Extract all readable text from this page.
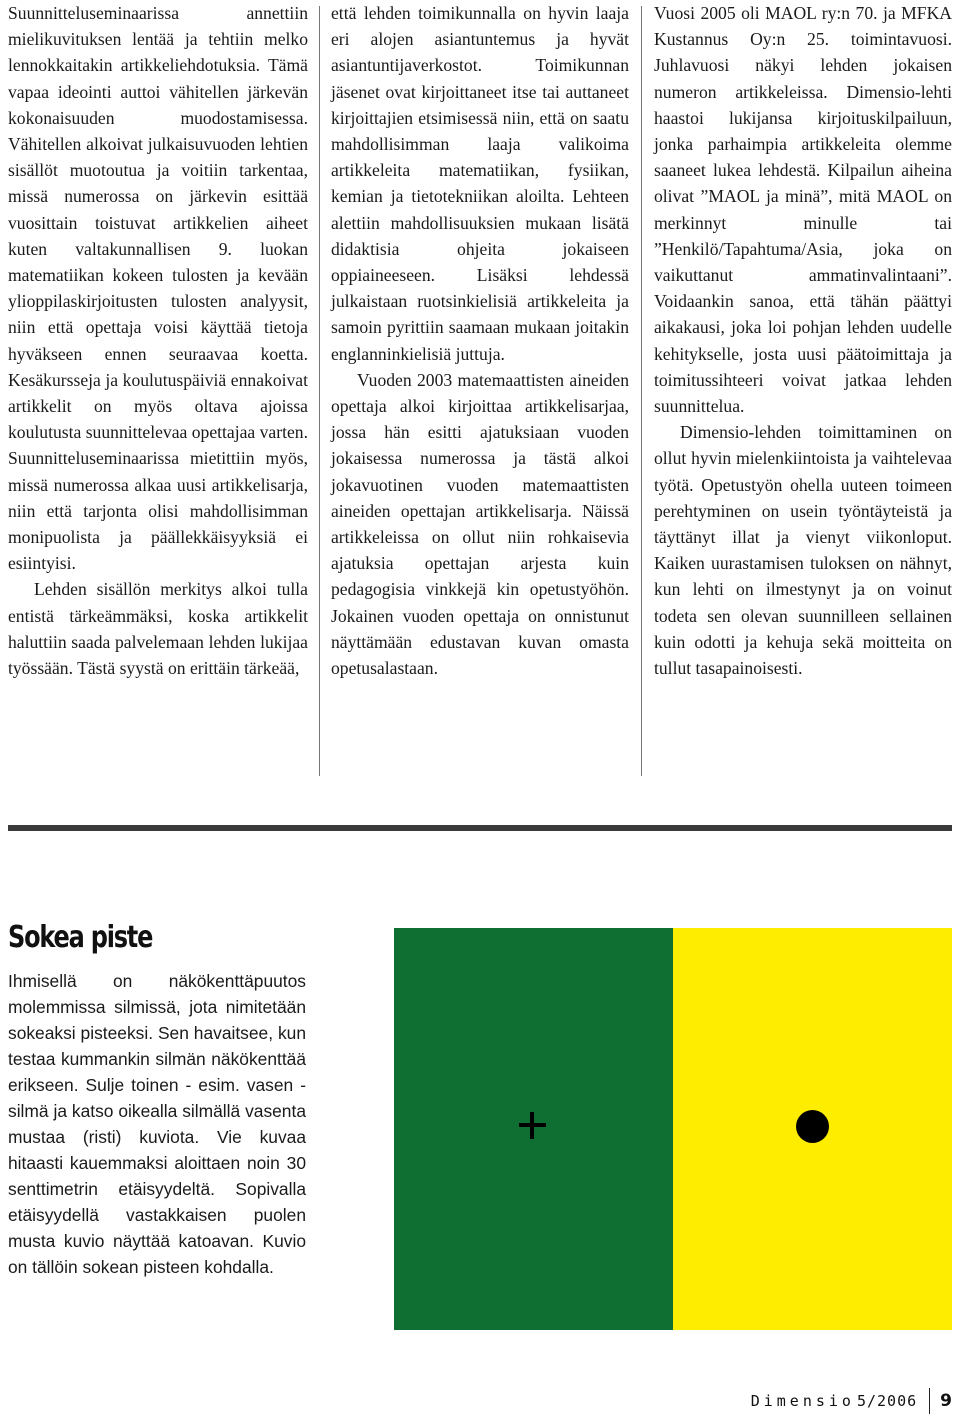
Suunnitteluseminaarissa annettiin mielikuvituksen lentää ja tehtiin melko lennokkaitakin artikkeliehdotuksia. Tämä vapaa ideointi auttoi vähitellen järkevän kokonaisuuden muodostamisessa. Vähitellen alkoivat julkaisuvuoden lehtien sisällöt muotoutua ja voitiin tarkentaa, missä numerossa on järkevin esittää vuosittain toistuvat artikkelien aiheet kuten valtakunnallisen 9. luokan matematiikan kokeen tulosten ja kevään ylioppilaskirjoitusten tulosten analyysit, niin että opettaja voisi käyttää tietoja hyväkseen ennen seuraavaa koetta. Kesäkursseja ja koulutuspäiviä ennakoivat artikkelit on myös oltava ajoissa koulutusta suunnittelevaa opettajaa varten. Suunnitteluseminaarissa mietittiin myös, missä numerossa alkaa uusi artikkelisarja, niin että tarjonta olisi mahdollisimman monipuolista ja päällekkäisyyksiä ei esiintyisi.

Lehden sisällön merkitys alkoi tulla entistä tärkeämmäksi, koska artikkelit haluttiin saada palvelemaan lehden lukijaa työssään. Tästä syystä on erittäin tärkeää,

että lehden toimikunnalla on hyvin laaja eri alojen asiantuntemus ja hyvät asiantuntijaverkostot. Toimikunnan jäsenet ovat kirjoittaneet itse tai auttaneet kirjoittajien etsimisessä niin, että on saatu mahdollisimman laaja valikoima artikkeleita matematiikan, fysiikan, kemian ja tietotekniikan aloilta. Lehteen alettiin mahdollisuuksien mukaan lisätä didaktisia ohjeita jokaiseen oppiaineeseen. Lisäksi lehdessä julkaistaan ruotsinkielisiä artikkeleita ja samoin pyrittiin saamaan mukaan joitakin englanninkielisiä juttuja.

Vuoden 2003 matemaattisten aineiden opettaja alkoi kirjoittaa artikkelisarjaa, jossa hän esitti ajatuksiaan vuoden jokaisessa numerossa ja tästä alkoi jokavuotinen vuoden matemaattisten aineiden opettajan artikkelisarja. Näissä artikkeleissa on ollut niin rohkaisevia ajatuksia opettajan arjesta kuin pedagogisia vinkkejä kin opetustyöhön. Jokainen vuoden opettaja on onnistunut näyttämään edustavan kuvan omasta opetusalastaan.

Vuosi 2005 oli MAOL ry:n 70. ja MFKA Kustannus Oy:n 25. toimintavuosi. Juhlavuosi näkyi lehden jokaisen numeron artikkeleissa. Dimensio-lehti haastoi lukijansa kirjoituskilpailuun, jonka parhaimpia artikkeleita olemme saaneet lukea lehdestä. Kilpailun aiheina olivat ”MAOL ja minä”, mitä MAOL on merkinnyt minulle tai ”Henkilö/Tapahtuma/Asia, joka on vaikuttanut ammatinvalintaani”. Voidaankin sanoa, että tähän päättyi aikakausi, joka loi pohjan lehden uudelle kehitykselle, josta uusi päätoimittaja ja toimitussihteeri voivat jatkaa lehden suunnittelua.

Dimensio-lehden toimittaminen on ollut hyvin mielenkiintoista ja vaihtelevaa työtä. Opetustyön ohella uuteen toimeen perehtyminen on usein työntäyteistä ja täyttänyt illat ja vienyt viikonloput. Kaiken uurastamisen tuloksen on nähnyt, kun lehti on ilmestynyt ja on voinut todeta sen olevan suunnilleen sellainen kuin odotti ja kehuja sekä moitteita on tullut tasapainoisesti.

Sokea piste

Ihmisellä on näkökenttäpuutos molemmissa silmissä, jota nimitetään sokeaksi pisteeksi. Sen havaitsee, kun testaa kummankin silmän näkökenttää erikseen. Sulje toinen - esim. vasen - silmä ja katso oikealla silmällä vasenta mustaa (risti) kuviota. Vie kuvaa hitaasti kauemmaksi aloittaen noin 30 senttimetrin etäisyydeltä. Sopivalla etäisyydellä vastakkaisen puolen musta kuvio näyttää katoavan. Kuvio on tällöin sokean pisteen kohdalla.

Dimensio 5/2006 9
